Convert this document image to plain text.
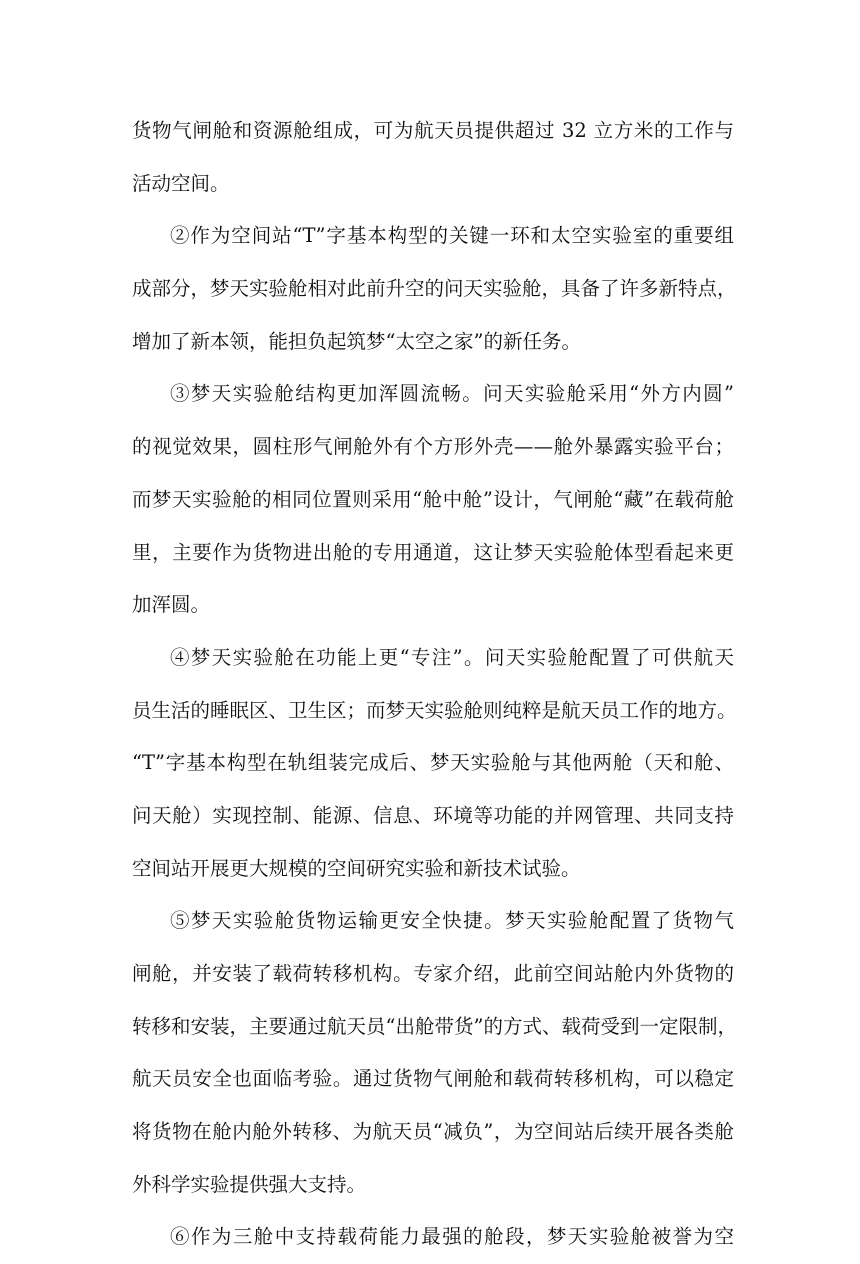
货物气闸舱和资源舱组成，可为航天员提供超过 32 立方米的工作与
活动空间。
②作为空间站“T”字基本构型的关键一环和太空实验室的重要组
成部分，梦天实验舱相对此前升空的问天实验舱，具备了许多新特点，
增加了新本领，能担负起筑梦“太空之家”的新任务。
③梦天实验舱结构更加浑圆流畅。问天实验舱采用“外方内圆”
的视觉效果，圆柱形气闸舱外有个方形外壳——舱外暴露实验平台；
而梦天实验舱的相同位置则采用“舱中舱”设计，气闸舱“藏”在载荷舱
里，主要作为货物进出舱的专用通道，这让梦天实验舱体型看起来更
加浑圆。
④梦天实验舱在功能上更“专注”。问天实验舱配置了可供航天
员生活的睡眠区、卫生区；而梦天实验舱则纯粹是航天员工作的地方。
“T”字基本构型在轨组装完成后、梦天实验舱与其他两舱（天和舱、
问天舱）实现控制、能源、信息、环境等功能的并网管理、共同支持
空间站开展更大规模的空间研究实验和新技术试验。
⑤梦天实验舱货物运输更安全快捷。梦天实验舱配置了货物气
闸舱，并安装了载荷转移机构。专家介绍，此前空间站舱内外货物的
转移和安装，主要通过航天员“出舱带货”的方式、载荷受到一定限制，
航天员安全也面临考验。通过货物气闸舱和载荷转移机构，可以稳定
将货物在舱内舱外转移、为航天员“减负”，为空间站后续开展各类舱
外科学实验提供强大支持。
⑥作为三舱中支持载荷能力最强的舱段，梦天实验舱被誉为空
